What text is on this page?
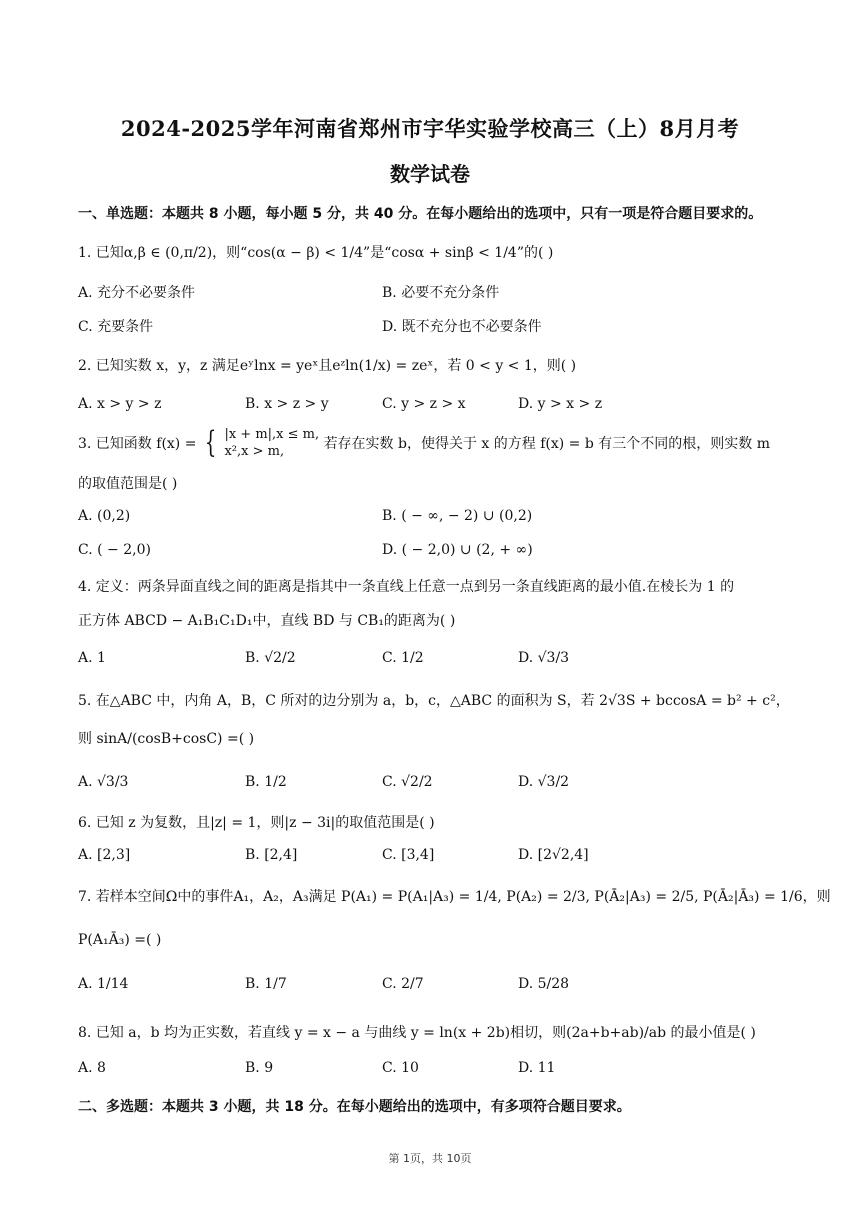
2024-2025学年河南省郑州市宇华实验学校高三（上）8月月考
数学试卷
一、单选题：本题共 8 小题，每小题 5 分，共 40 分。在每小题给出的选项中，只有一项是符合题目要求的。
1. 已知α,β ∈ (0,π/2)，则“cos(α − β) < 1/4”是“cosα + sinβ < 1/4”的( )
A. 充分不必要条件	B. 必要不充分条件
C. 充要条件	D. 既不充分也不必要条件
2. 已知实数 x，y，z 满足eʸlnx = yeˣ且eᶻln(1/x) = zeˣ，若 0 < y < 1，则( )
A. x > y > z	B. x > z > y	C. y > z > x	D. y > x > z
3. 已知函数 f(x) = { |x + m|,x ≤ m,
x²,x > m,	若存在实数 b，使得关于 x 的方程 f(x) = b 有三个不同的根，则实数 m
的取值范围是( )
A. (0,2)	B. ( − ∞, − 2) ∪ (0,2)
C. ( − 2,0)	D. ( − 2,0) ∪ (2, + ∞)
4. 定义：两条异面直线之间的距离是指其中一条直线上任意一点到另一条直线距离的最小值.在棱长为 1 的
正方体 ABCD − A₁B₁C₁D₁中，直线 BD 与 CB₁的距离为( )
A. 1	B. √2/2	C. 1/2	D. √3/3
5. 在△ABC 中，内角 A，B，C 所对的边分别为 a，b，c，△ABC 的面积为 S，若 2√3S + bccosA = b² + c²，
则 sinA/(cosB+cosC) =( )
A. √3/3	B. 1/2	C. √2/2	D. √3/2
6. 已知 z 为复数，且|z| = 1，则|z − 3i|的取值范围是( )
A. [2,3]	B. [2,4]	C. [3,4]	D. [2√2,4]
7. 若样本空间Ω中的事件A₁，A₂，A₃满足 P(A₁) = P(A₁|A₃) = 1/4, P(A₂) = 2/3, P(Ā₂|A₃) = 2/5, P(Ā₂|Ā₃) = 1/6，则
P(A₁Ā₃) =( )
A. 1/14	B. 1/7	C. 2/7	D. 5/28
8. 已知 a，b 均为正实数，若直线 y = x − a 与曲线 y = ln(x + 2b)相切，则(2a+b+ab)/ab 的最小值是( )
A. 8	B. 9	C. 10	D. 11
二、多选题：本题共 3 小题，共 18 分。在每小题给出的选项中，有多项符合题目要求。
第 1页，共 10页
